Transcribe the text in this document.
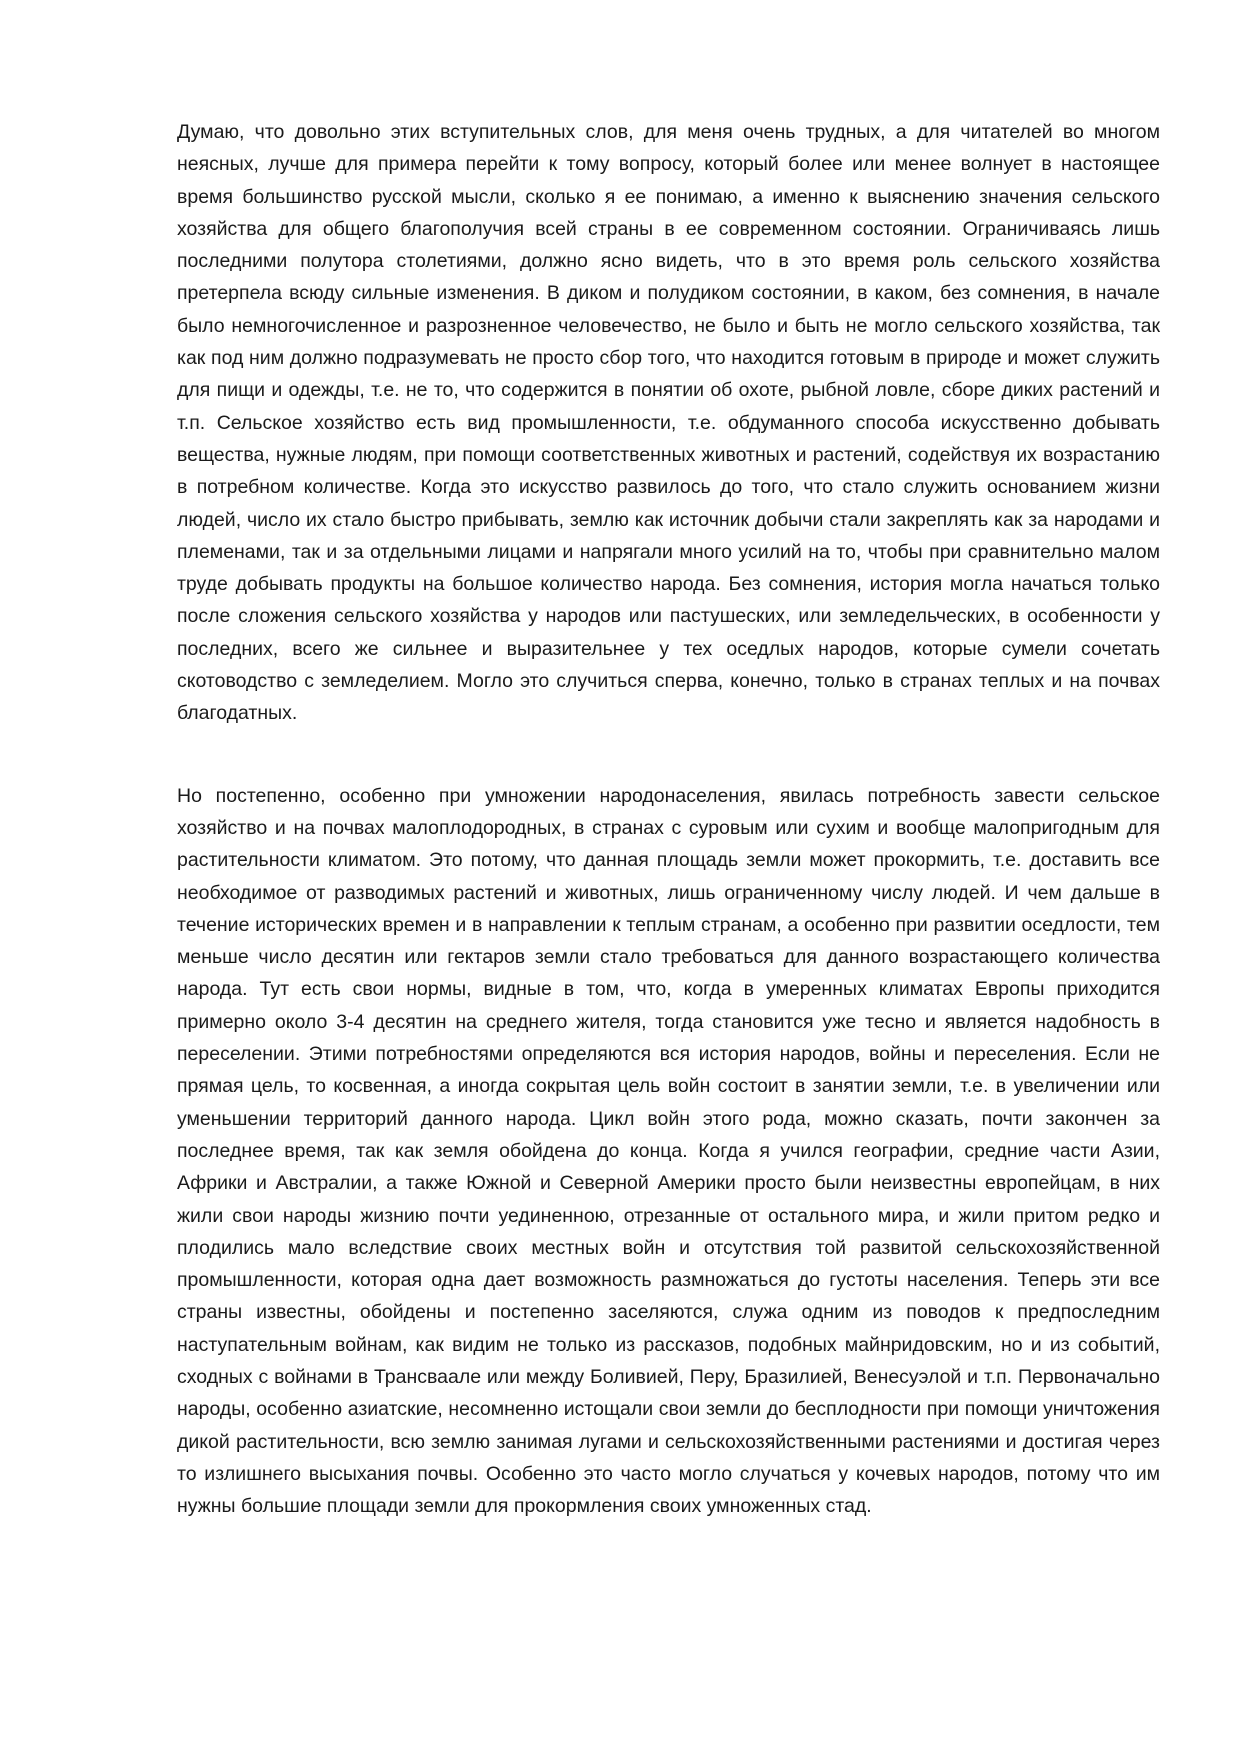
Думаю, что довольно этих вступительных слов, для меня очень трудных, а для читателей во многом неясных, лучше для примера перейти к тому вопросу, который более или менее волнует в настоящее время большинство русской мысли, сколько я ее понимаю, а именно к выяснению значения сельского хозяйства для общего благополучия всей страны в ее современном состоянии. Ограничиваясь лишь последними полутора столетиями, должно ясно видеть, что в это время роль сельского хозяйства претерпела всюду сильные изменения. В диком и полудиком состоянии, в каком, без сомнения, в начале было немногочисленное и разрозненное человечество, не было и быть не могло сельского хозяйства, так как под ним должно подразумевать не просто сбор того, что находится готовым в природе и может служить для пищи и одежды, т.е. не то, что содержится в понятии об охоте, рыбной ловле, сборе диких растений и т.п. Сельское хозяйство есть вид промышленности, т.е. обдуманного способа искусственно добывать вещества, нужные людям, при помощи соответственных животных и растений, содействуя их возрастанию в потребном количестве. Когда это искусство развилось до того, что стало служить основанием жизни людей, число их стало быстро прибывать, землю как источник добычи стали закреплять как за народами и племенами, так и за отдельными лицами и напрягали много усилий на то, чтобы при сравнительно малом труде добывать продукты на большое количество народа. Без сомнения, история могла начаться только после сложения сельского хозяйства у народов или пастушеских, или земледельческих, в особенности у последних, всего же сильнее и выразительнее у тех оседлых народов, которые сумели сочетать скотоводство с земледелием. Могло это случиться сперва, конечно, только в странах теплых и на почвах благодатных.

Но постепенно, особенно при умножении народонаселения, явилась потребность завести сельское хозяйство и на почвах малоплодородных, в странах с суровым или сухим и вообще малопригодным для растительности климатом. Это потому, что данная площадь земли может прокормить, т.е. доставить все необходимое от разводимых растений и животных, лишь ограниченному числу людей. И чем дальше в течение исторических времен и в направлении к теплым странам, а особенно при развитии оседлости, тем меньше число десятин или гектаров земли стало требоваться для данного возрастающего количества народа. Тут есть свои нормы, видные в том, что, когда в умеренных климатах Европы приходится примерно около 3-4 десятин на среднего жителя, тогда становится уже тесно и является надобность в переселении. Этими потребностями определяются вся история народов, войны и переселения. Если не прямая цель, то косвенная, а иногда сокрытая цель войн состоит в занятии земли, т.е. в увеличении или уменьшении территорий данного народа. Цикл войн этого рода, можно сказать, почти закончен за последнее время, так как земля обойдена до конца. Когда я учился географии, средние части Азии, Африки и Австралии, а также Южной и Северной Америки просто были неизвестны европейцам, в них жили свои народы жизнию почти уединенною, отрезанные от остального мира, и жили притом редко и плодились мало вследствие своих местных войн и отсутствия той развитой сельскохозяйственной промышленности, которая одна дает возможность размножаться до густоты населения. Теперь эти все страны известны, обойдены и постепенно заселяются, служа одним из поводов к предпоследним наступательным войнам, как видим не только из рассказов, подобных майнридовским, но и из событий, сходных с войнами в Трансваале или между Боливией, Перу, Бразилией, Венесуэлой и т.п. Первоначально народы, особенно азиатские, несомненно истощали свои земли до бесплодности при помощи уничтожения дикой растительности, всю землю занимая лугами и сельскохозяйственными растениями и достигая через то излишнего высыхания почвы. Особенно это часто могло случаться у кочевых народов, потому что им нужны большие площади земли для прокормления своих умноженных стад.
